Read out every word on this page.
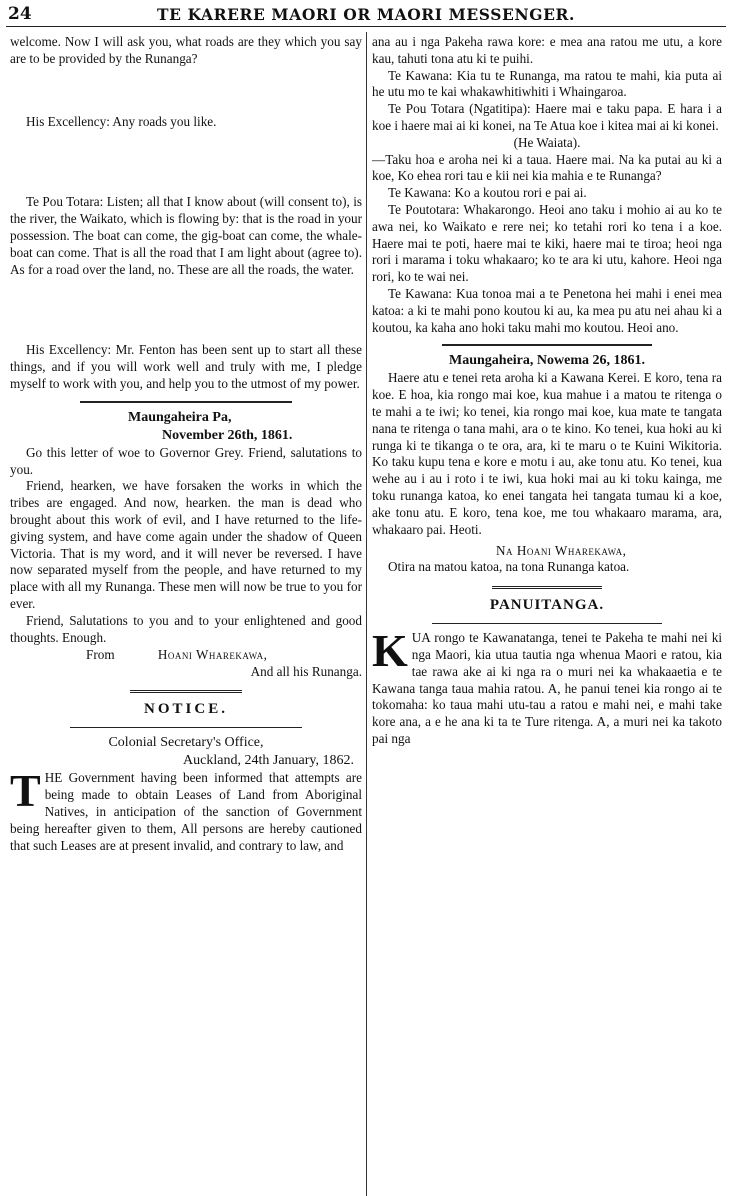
24	TE KARERE MAORI OR MAORI MESSENGER.

welcome. Now I will ask you, what roads are they which you say are to be provided by the Runanga?

His Excellency: Any roads you like.

Te Pou Totara: Listen; all that I know about (will consent to), is the river, the Waikato, which is flowing by: that is the road in your possession. The boat can come, the gig-boat can come, the whale-boat can come. That is all the road that I am light about (agree to). As for a road over the land, no. These are all the roads, the water.

His Excellency: Mr. Fenton has been sent up to start all these things, and if you will work well and truly with me, I pledge myself to work with you, and help you to the utmost of my power.

Maungaheira Pa,
November 26th, 1861.

Go this letter of woe to Governor Grey. Friend, salutations to you.

Friend, hearken, we have forsaken the works in which the tribes are engaged. And now, hearken. the man is dead who brought about this work of evil, and I have returned to the life-giving system, and have come again under the shadow of Queen Victoria. That is my word, and it will never be reversed. I have now separated myself from the people, and have returned to my place with all my Runanga. These men will now be true to you for ever.

Friend, Salutations to you and to your enlightened and good thoughts. Enough.

From	Hoani Wharekawa,
And all his Runanga.
NOTICE.
Colonial Secretary's Office,
Auckland, 24th January, 1862.

THE Government having been informed that attempts are being made to obtain Leases of Land from Aboriginal Natives, in anticipation of the sanction of Government being hereafter given to them, All persons are hereby cautioned that such Leases are at present invalid, and contrary to law, and

ana au i nga Pakeha rawa kore: e mea ana ratou me utu, a kore kau, tahuti tona atu ki te puihi.

Te Kawana: Kia tu te Runanga, ma ratou te mahi, kia puta ai he utu mo te kai whakawhitiwhiti i Whaingaroa.

Te Pou Totara (Ngatitipa): Haere mai e taku papa. E hara i a koe i haere mai ai ki konei, na Te Atua koe i kitea mai ai ki konei.

(He Waiata).

—Taku hoa e aroha nei ki a taua. Haere mai. Na ka putai au ki a koe, Ko ehea rori tau e kii nei kia mahia e te Runanga?

Te Kawana: Ko a koutou rori e pai ai.

Te Poutotara: Whakarongo. Heoi ano taku i mohio ai au ko te awa nei, ko Waikato e rere nei; ko tetahi rori ko tena i a koe. Haere mai te poti, haere mai te kiki, haere mai te tiroa; heoi nga rori i marama i toku whakaaro; ko te ara ki utu, kahore. Heoi nga rori, ko te wai nei.

Te Kawana: Kua tonoa mai a te Penetona hei mahi i enei mea katoa: a ki te mahi pono koutou ki au, ka mea pu atu nei ahau ki a koutou, ka kaha ano hoki taku mahi mo koutou. Heoi ano.

Maungaheira, Nowema 26, 1861.

Haere atu e tenei reta aroha ki a Kawana Kerei. E koro, tena ra koe. E hoa, kia rongo mai koe, kua mahue i a matou te ritenga o te mahi a te iwi; ko tenei, kia rongo mai koe, kua mate te tangata nana te ritenga o tana mahi, ara o te kino. Ko tenei, kua hoki au ki runga ki te tikanga o te ora, ara, ki te maru o te Kuini Wikitoria. Ko taku kupu tena e kore e motu i au, ake tonu atu. Ko tenei, kua wehe au i au i roto i te iwi, kua hoki mai au ki toku kainga, me toku runanga katoa, ko enei tangata hei tangata tumau ki a koe, ake tonu atu. E koro, tena koe, me tou whakaaro marama, ara, whakaaro pai. Heoti.

Na Hoani Wharekawa,

Otira na matou katoa, na tona Runanga katoa.

PANUITANGA.

KUA rongo te Kawanatanga, tenei te Pakeha te mahi nei ki nga Maori, kia utua tautia nga whenua Maori e ratou, kia tae rawa ake ai ki nga ra o muri nei ka whakaaetia e te Kawana tanga taua mahia ratou. A, he panui tenei kia rongo ai te tokomaha: ko taua mahi utu-tau a ratou e mahi nei, e mahi take kore ana, a e he ana ki ta te Ture ritenga. A, a muri nei ka takoto pai nga
